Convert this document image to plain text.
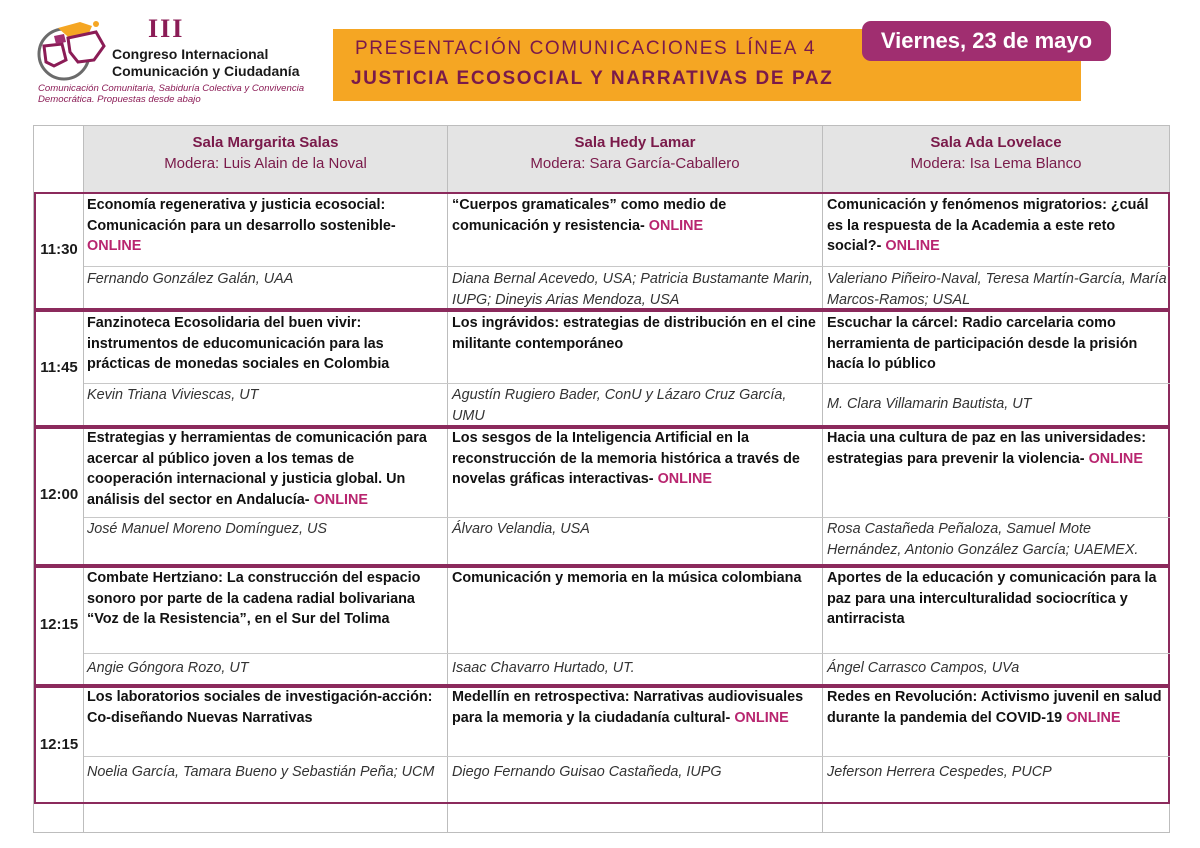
III
Congreso Internacional
Comunicación y Ciudadanía
Comunicación Comunitaria, Sabiduría Colectiva y Convivencia Democrática. Propuestas desde abajo
PRESENTACIÓN COMUNICACIONES LÍNEA 4
JUSTICIA ECOSOCIAL Y NARRATIVAS DE PAZ
Viernes, 23 de mayo
Sala Margarita Salas
Modera: Luis Alain de la Noval
Sala Hedy Lamar
Modera: Sara García-Caballero
Sala Ada Lovelace
Modera: Isa Lema Blanco
11:30
Economía regenerativa y justicia ecosocial: Comunicación para un desarrollo sostenible- ONLINE
Fernando González Galán, UAA
“Cuerpos gramaticales” como medio de comunicación y resistencia- ONLINE
Diana Bernal Acevedo, USA; Patricia Bustamante Marin, IUPG; Dineyis Arias Mendoza, USA
Comunicación y fenómenos migratorios: ¿cuál es la respuesta de la Academia a este reto social?- ONLINE
Valeriano Piñeiro-Naval, Teresa Martín-García, María Marcos-Ramos; USAL
11:45
Fanzinoteca Ecosolidaria del buen vivir: instrumentos de educomunicación para las prácticas de monedas sociales en Colombia
Kevin Triana Viviescas, UT
Los ingrávidos: estrategias de distribución en el cine militante contemporáneo
Agustín Rugiero Bader, ConU y Lázaro Cruz García, UMU
Escuchar la cárcel: Radio carcelaria como herramienta de participación desde la prisión hacía lo público
M. Clara Villamarin Bautista, UT
12:00
Estrategias y herramientas de comunicación para acercar al público joven a los temas de cooperación internacional y justicia global. Un análisis del sector en Andalucía- ONLINE
José Manuel Moreno Domínguez, US
Los sesgos de la Inteligencia Artificial en la reconstrucción de la memoria histórica a través de novelas gráficas interactivas- ONLINE
Álvaro Velandia, USA
Hacia una cultura de paz en las universidades: estrategias para prevenir la violencia- ONLINE
Rosa Castañeda Peñaloza, Samuel Mote Hernández, Antonio González García; UAEMEX.
12:15
Combate Hertziano: La construcción del espacio sonoro por parte de la cadena radial bolivariana “Voz de la Resistencia”, en el Sur del Tolima
Angie Góngora Rozo, UT
Comunicación y memoria en la música colombiana
Isaac Chavarro Hurtado, UT.
Aportes de la educación y comunicación para la paz para una interculturalidad sociocrítica y antirracista
Ángel Carrasco Campos, UVa
12:15
Los laboratorios sociales de investigación-acción: Co-diseñando Nuevas Narrativas
Noelia García, Tamara Bueno y Sebastián Peña; UCM
Medellín en retrospectiva: Narrativas audiovisuales para la memoria y la ciudadanía cultural- ONLINE
Diego Fernando Guisao Castañeda, IUPG
Redes en Revolución: Activismo juvenil en salud durante la pandemia del COVID-19 ONLINE
Jeferson Herrera Cespedes, PUCP
